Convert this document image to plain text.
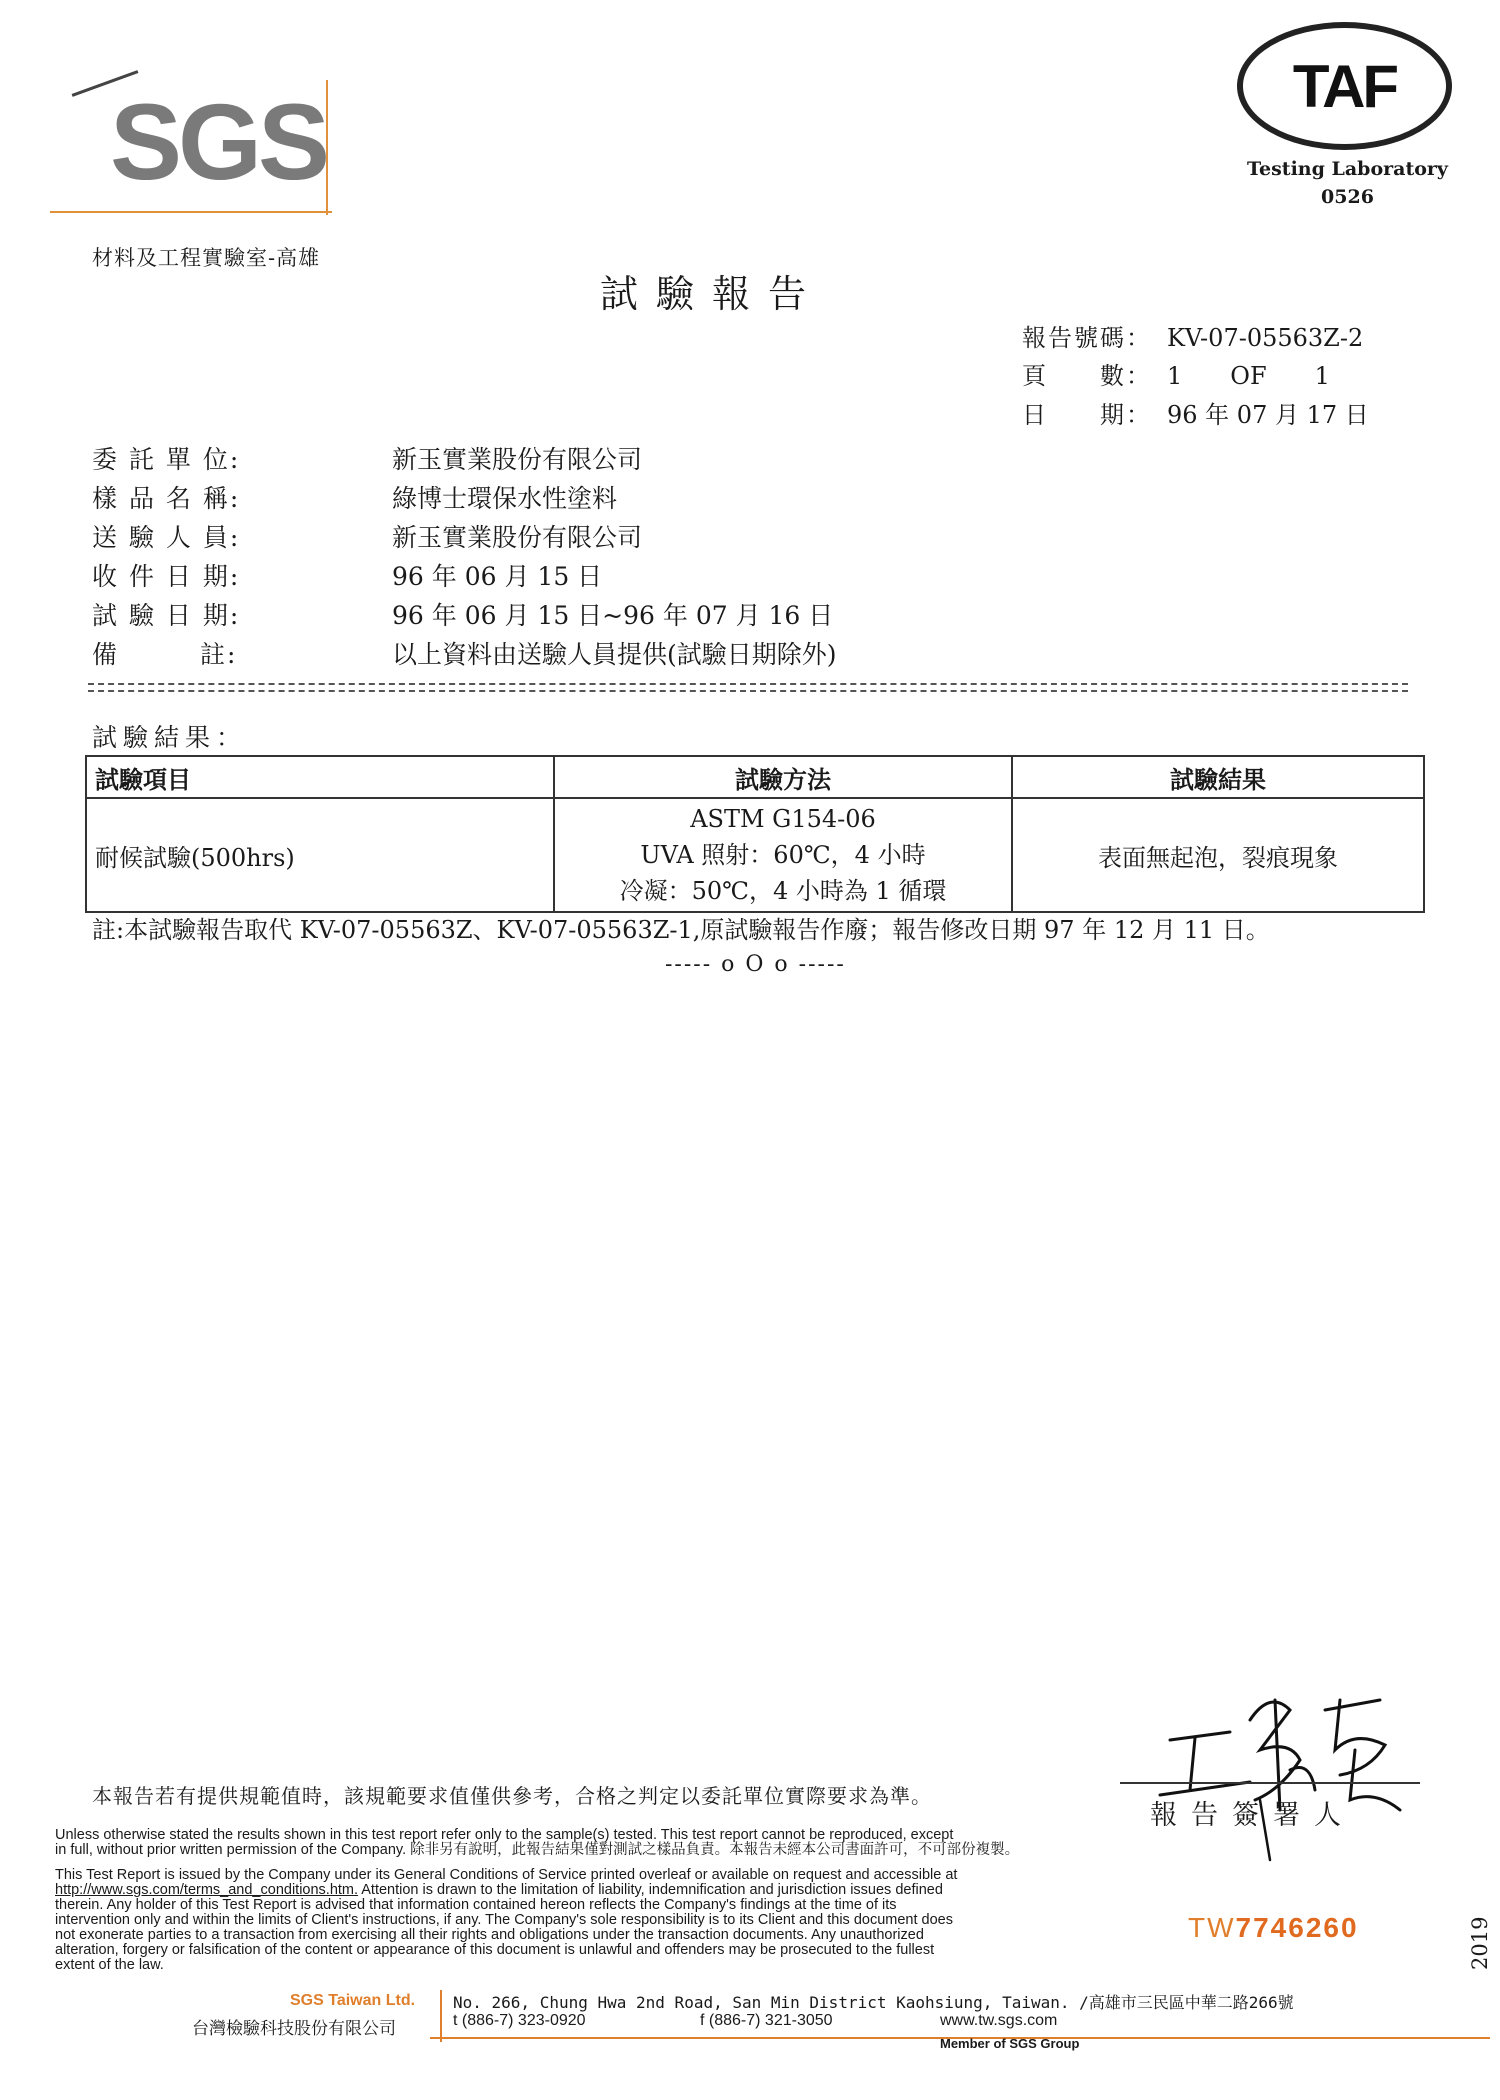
SGS
材料及工程實驗室-高雄
TAF
Testing Laboratory
0526
試驗報告
報告號碼： KV-07-05563Z-2
頁　　數： 1　　OF　　1
日　　期： 96 年 07 月 17 日
委 託 單 位:	新玉實業股份有限公司
樣 品 名 稱:	綠博士環保水性塗料
送 驗 人 員:	新玉實業股份有限公司
收 件 日 期:	96 年 06 月 15 日
試 驗 日 期:	96 年 06 月 15 日~96 年 07 月 16 日
備　　　註:	以上資料由送驗人員提供(試驗日期除外)
試驗結果：
試驗項目	試驗方法	試驗結果
耐候試驗(500hrs)	ASTM G154-06
UVA 照射：60℃，4 小時
冷凝：50℃，4 小時為 1 循環	表面無起泡，裂痕現象
註:本試驗報告取代 KV-07-05563Z、KV-07-05563Z-1,原試驗報告作廢；報告修改日期 97 年 12 月 11 日。
----- o O o -----
本報告若有提供規範值時，該規範要求值僅供參考，合格之判定以委託單位實際要求為準。
報告簽署人
Unless otherwise stated the results shown in this test report refer only to the sample(s) tested. This test report cannot be reproduced, except
in full, without prior written permission of the Company. 除非另有說明，此報告結果僅對測試之樣品負責。本報告未經本公司書面許可，不可部份複製。
This Test Report is issued by the Company under its General Conditions of Service printed overleaf or available on request and accessible at
http://www.sgs.com/terms_and_conditions.htm. Attention is drawn to the limitation of liability, indemnification and jurisdiction issues defined
therein. Any holder of this Test Report is advised that information contained hereon reflects the Company's findings at the time of its
intervention only and within the limits of Client's instructions, if any. The Company's sole responsibility is to its Client and this document does
not exonerate parties to a transaction from exercising all their rights and obligations under the transaction documents. Any unauthorized
alteration, forgery or falsification of the content or appearance of this document is unlawful and offenders may be prosecuted to the fullest
extent of the law.
TW7746260	2019
SGS Taiwan Ltd.
台灣檢驗科技股份有限公司
No. 266, Chung Hwa 2nd Road, San Min District Kaohsiung, Taiwan. /高雄市三民區中華二路266號
t (886-7) 323-0920	f (886-7) 321-3050	www.tw.sgs.com
Member of SGS Group
